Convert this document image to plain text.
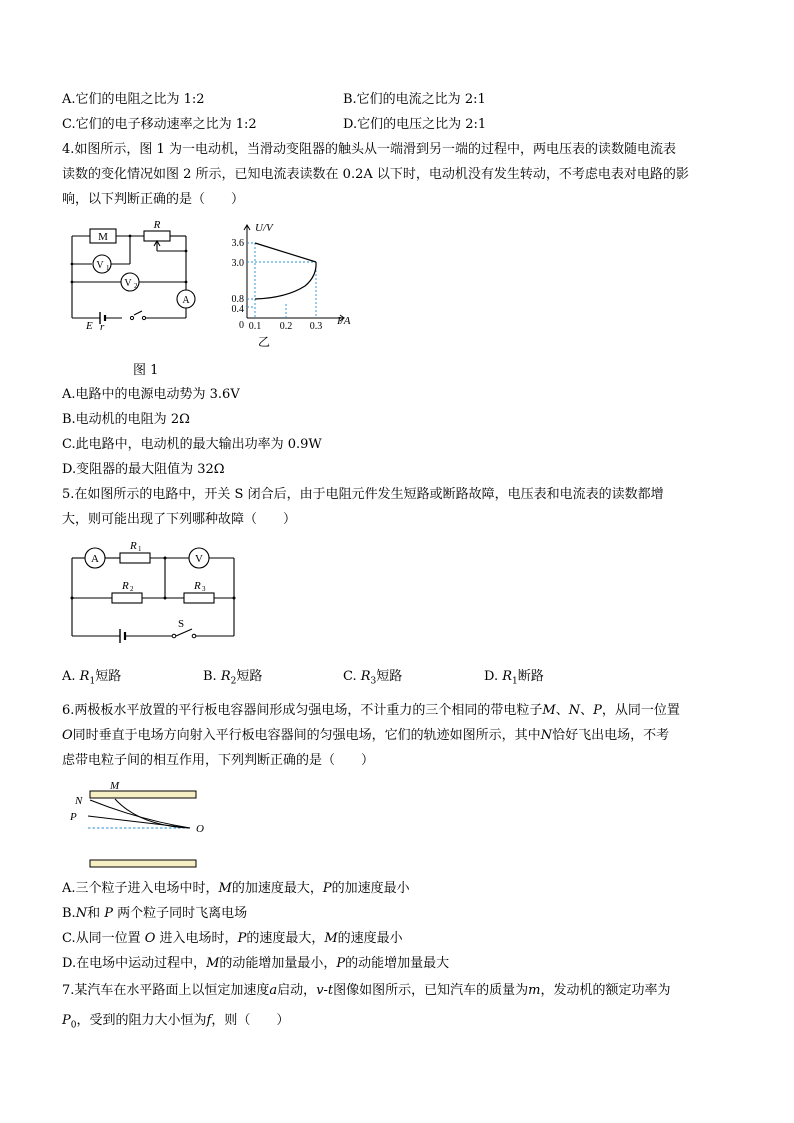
A.它们的电阻之比为 1:2	B.它们的电流之比为 2:1
C.它们的电子移动速率之比为 1:2	D.它们的电压之比为 2:1
4.如图所示，图 1 为一电动机，当滑动变阻器的触头从一端滑到另一端的过程中，两电压表的读数随电流表
读数的变化情况如图 2 所示，已知电流表读数在 0.2A 以下时，电动机没有发生转动，不考虑电表对电路的影
响，以下判断正确的是（　　）
M
R
V 1
V 2
A
E r
图 1
U/V
I/A
0
3.6
3.0
0.8
0.4
0.1 0.2 0.3
乙
A.电路中的电源电动势为 3.6V
B.电动机的电阻为 2Ω
C.此电路中，电动机的最大输出功率为 0.9W
D.变阻器的最大阻值为 32Ω
5.在如图所示的电路中，开关 S 闭合后，由于电阻元件发生短路或断路故障，电压表和电流表的读数都增
大，则可能出现了下列哪种故障（　　）
A	V
R 1
R 2	R 3
S
A. $R_1$短路	B. $R_2$短路	C. $R_3$短路	D. $R_1$断路
6.两极板水平放置的平行板电容器间形成匀强电场，不计重力的三个相同的带电粒子M、N、P，从同一位置
O同时垂直于电场方向射入平行板电容器间的匀强电场，它们的轨迹如图所示，其中N恰好飞出电场，不考
虑带电粒子间的相互作用，下列判断正确的是（　　）
M
N
P
O
A.三个粒子进入电场中时，M的加速度最大，P的加速度最小
B.N和 P 两个粒子同时飞离电场
C.从同一位置 O 进入电场时，P的速度最大，M的速度最小
D.在电场中运动过程中，M的动能增加量最小，P的动能增加量最大
7.某汽车在水平路面上以恒定加速度a启动，v-t图像如图所示，已知汽车的质量为m，发动机的额定功率为
$P_0$，受到的阻力大小恒为f，则（　　）
